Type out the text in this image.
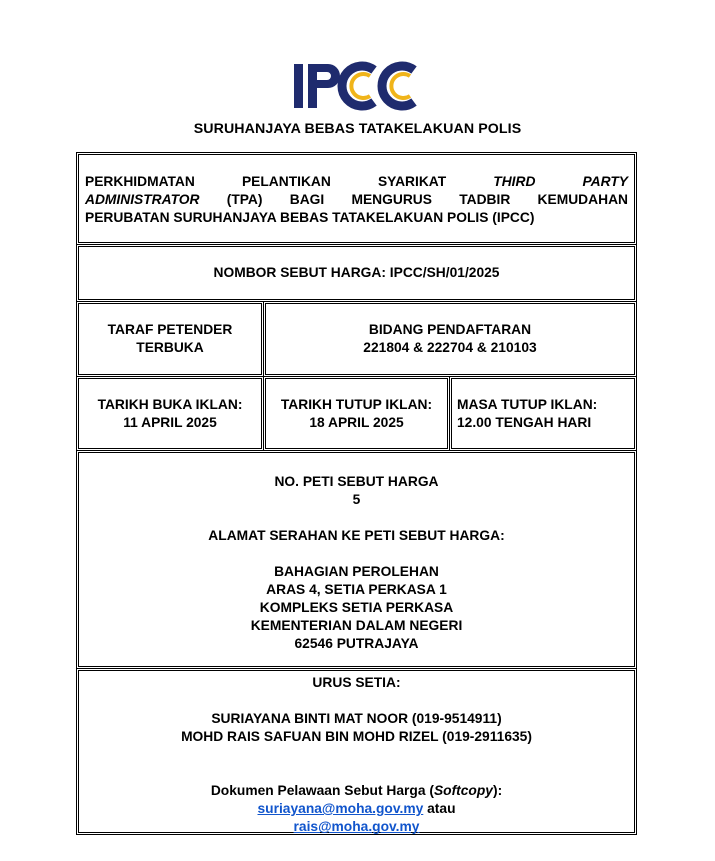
SURUHANJAYA BEBAS TATAKELAKUAN POLIS
PERKHIDMATAN PELANTIKAN SYARIKAT THIRD PARTY
ADMINISTRATOR (TPA) BAGI MENGURUS TADBIR KEMUDAHAN
PERUBATAN SURUHANJAYA BEBAS TATAKELAKUAN POLIS (IPCC)
NOMBOR SEBUT HARGA: IPCC/SH/01/2025
TARAF PETENDER
TERBUKA
BIDANG PENDAFTARAN
221804 & 222704 & 210103
TARIKH BUKA IKLAN:
11 APRIL 2025
TARIKH TUTUP IKLAN:
18 APRIL 2025
MASA TUTUP IKLAN:
12.00 TENGAH HARI
NO. PETI SEBUT HARGA
5
ALAMAT SERAHAN KE PETI SEBUT HARGA:
BAHAGIAN PEROLEHAN
ARAS 4, SETIA PERKASA 1
KOMPLEKS SETIA PERKASA
KEMENTERIAN DALAM NEGERI
62546 PUTRAJAYA
URUS SETIA:
SURIAYANA BINTI MAT NOOR (019-9514911)
MOHD RAIS SAFUAN BIN MOHD RIZEL (019-2911635)
Dokumen Pelawaan Sebut Harga (Softcopy):
suriayana@moha.gov.my atau
rais@moha.gov.my
